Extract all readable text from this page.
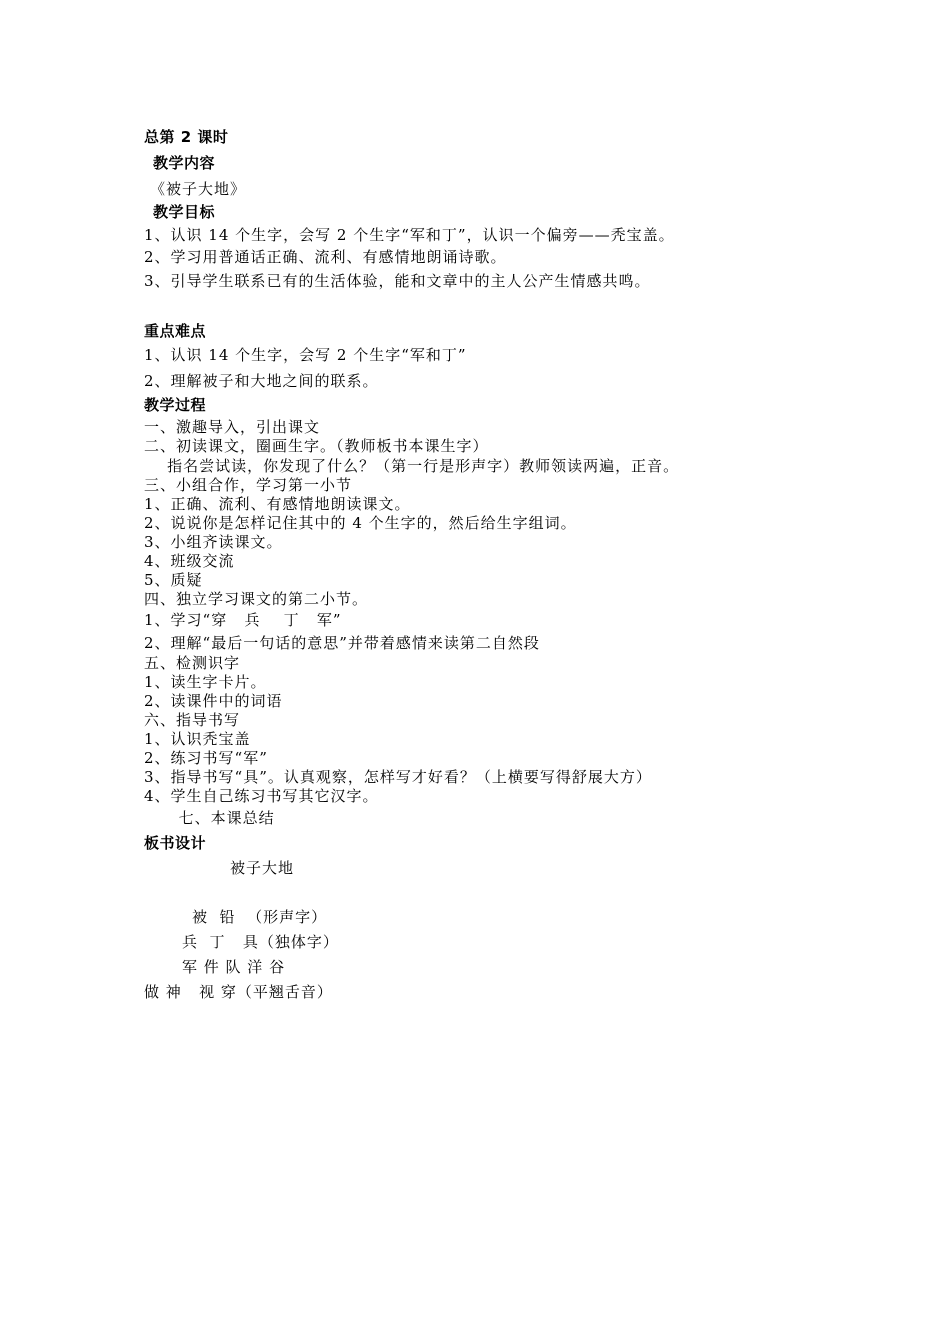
总第 2 课时
教学内容
《被子大地》
教学目标
1、认识 14 个生字，会写 2 个生字“军和丁”，认识一个偏旁——秃宝盖。
2、学习用普通话正确、流利、有感情地朗诵诗歌。
3、引导学生联系已有的生活体验，能和文章中的主人公产生情感共鸣。
重点难点
1、认识 14 个生字，会写 2 个生字“军和丁”
2、理解被子和大地之间的联系。
教学过程
一、激趣导入，引出课文
二、初读课文，圈画生字。（教师板书本课生字）
指名尝试读，你发现了什么？（第一行是形声字）教师领读两遍，正音。
三、小组合作，学习第一小节
1、正确、流利、有感情地朗读课文。
2、说说你是怎样记住其中的 4 个生字的，然后给生字组词。
3、小组齐读课文。
4、班级交流
5、质疑
四、独立学习课文的第二小节。
1、学习“穿   兵    丁   军”
2、理解“最后一句话的意思”并带着感情来读第二自然段
五、检测识字
1、读生字卡片。
2、读课件中的词语
六、指导书写
1、认识秃宝盖
2、练习书写“军”
3、指导书写“具”。认真观察，怎样写才好看？（上横要写得舒展大方）
4、学生自己练习书写其它汉字。
七、本课总结
板书设计
被子大地
被  铅  （形声字）
兵  丁   具（独体字）
军 件 队 洋 谷
做 神   视 穿（平翘舌音）
